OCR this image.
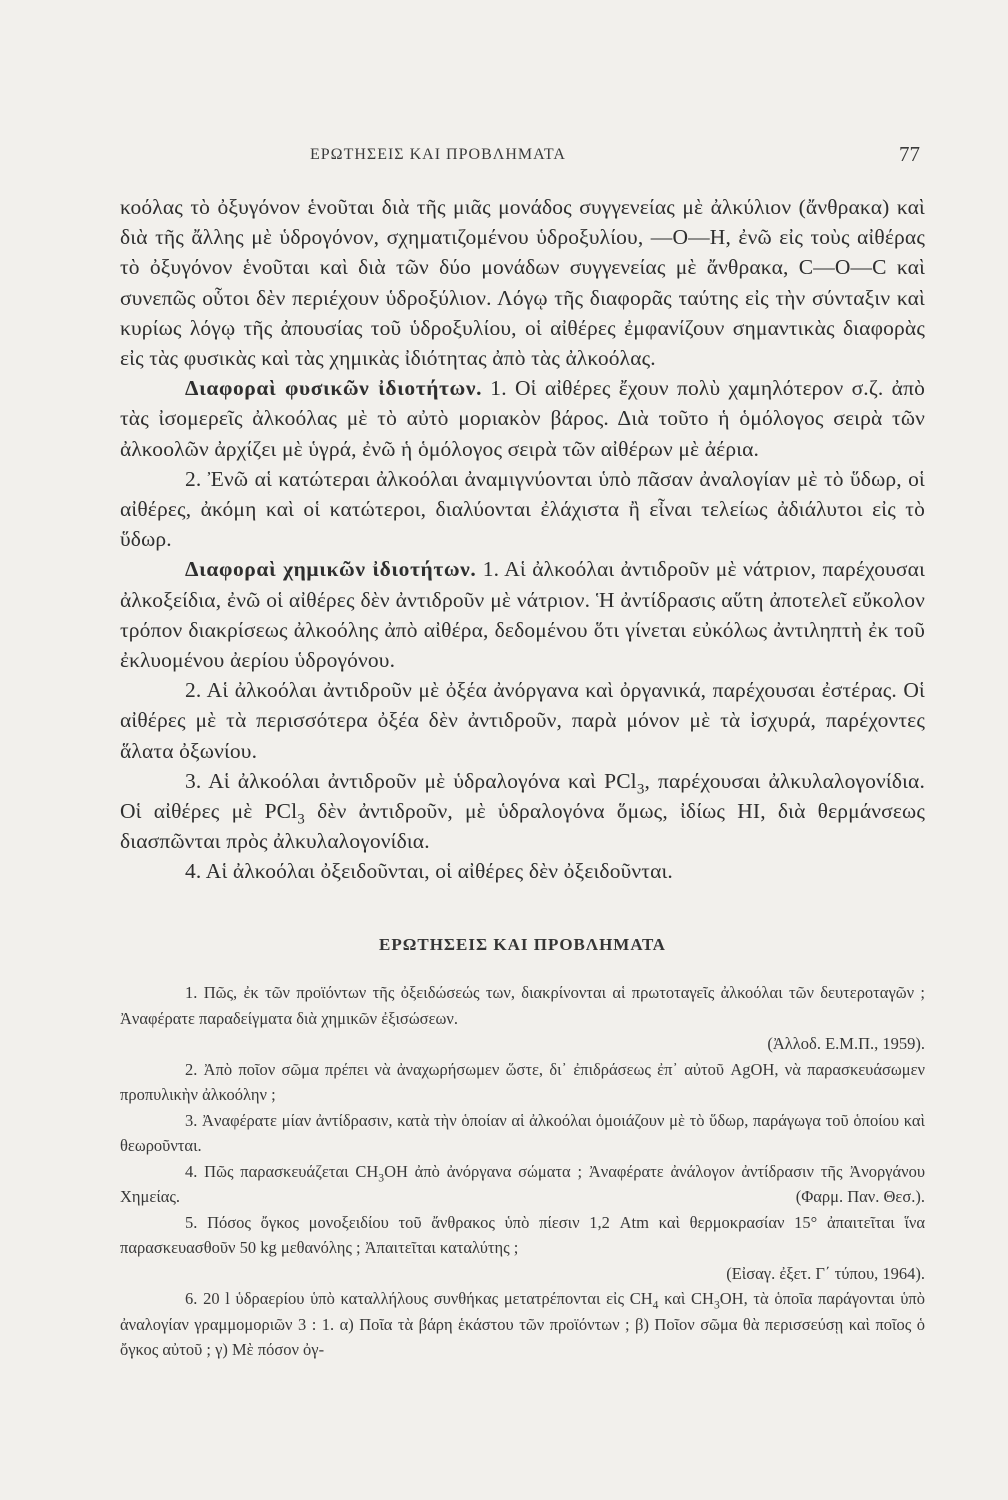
ΕΡΩΤΗΣΕΙΣ ΚΑΙ ΠΡΟΒΛΗΜΑΤΑ	77

κοόλας τὸ ὀξυγόνον ἑνοῦται διὰ τῆς μιᾶς μονάδος συγγενείας μὲ ἀλκύλιον (ἄνθρακα) καὶ διὰ τῆς ἄλλης μὲ ὑδρογόνον, σχηματιζομένου ὑδροξυλίου, —Ο—Η, ἐνῶ εἰς τοὺς αἰθέρας τὸ ὀξυγόνον ἑνοῦται καὶ διὰ τῶν δύο μονάδων συγγενείας μὲ ἄνθρακα, C—O—C καὶ συνεπῶς οὗτοι δὲν περιέχουν ὑδροξύλιον. Λόγῳ τῆς διαφορᾶς ταύτης εἰς τὴν σύνταξιν καὶ κυρίως λόγῳ τῆς ἀπουσίας τοῦ ὑδροξυλίου, οἱ αἰθέρες ἐμφανίζουν σημαντικὰς διαφορὰς εἰς τὰς φυσικὰς καὶ τὰς χημικὰς ἰδιότητας ἀπὸ τὰς ἀλκοόλας.

Διαφοραὶ φυσικῶν ἰδιοτήτων. 1. Οἱ αἰθέρες ἔχουν πολὺ χαμηλότερον σ.ζ. ἀπὸ τὰς ἰσομερεῖς ἀλκοόλας μὲ τὸ αὐτὸ μοριακὸν βάρος. Διὰ τοῦτο ἡ ὁμόλογος σειρὰ τῶν ἀλκοολῶν ἀρχίζει μὲ ὑγρά, ἐνῶ ἡ ὁμόλογος σειρὰ τῶν αἰθέρων μὲ ἀέρια.

2. Ἐνῶ αἱ κατώτεραι ἀλκοόλαι ἀναμιγνύονται ὑπὸ πᾶσαν ἀναλογίαν μὲ τὸ ὕδωρ, οἱ αἰθέρες, ἀκόμη καὶ οἱ κατώτεροι, διαλύονται ἐλάχιστα ἢ εἶναι τελείως ἀδιάλυτοι εἰς τὸ ὕδωρ.

Διαφοραὶ χημικῶν ἰδιοτήτων. 1. Αἱ ἀλκοόλαι ἀντιδροῦν μὲ νάτριον, παρέχουσαι ἀλκοξείδια, ἐνῶ οἱ αἰθέρες δὲν ἀντιδροῦν μὲ νάτριον. Ἡ ἀντίδρασις αὕτη ἀποτελεῖ εὔκολον τρόπον διακρίσεως ἀλκοόλης ἀπὸ αἰθέρα, δεδομένου ὅτι γίνεται εὐκόλως ἀντιληπτὴ ἐκ τοῦ ἐκλυομένου ἀερίου ὑδρογόνου.

2. Αἱ ἀλκοόλαι ἀντιδροῦν μὲ ὀξέα ἀνόργανα καὶ ὀργανικά, παρέχουσαι ἐστέρας. Οἱ αἰθέρες μὲ τὰ περισσότερα ὀξέα δὲν ἀντιδροῦν, παρὰ μόνον μὲ τὰ ἰσχυρά, παρέχοντες ἅλατα ὀξωνίου.

3. Αἱ ἀλκοόλαι ἀντιδροῦν μὲ ὑδραλογόνα καὶ PCl$_3$, παρέχουσαι ἀλκυλαλογονίδια. Οἱ αἰθέρες μὲ PCl$_3$ δὲν ἀντιδροῦν, μὲ ὑδραλογόνα ὅμως, ἰδίως HI, διὰ θερμάνσεως διασπῶνται πρὸς ἀλκυλαλογονίδια.

4. Αἱ ἀλκοόλαι ὀξειδοῦνται, οἱ αἰθέρες δὲν ὀξειδοῦνται.

ΕΡΩΤΗΣΕΙΣ ΚΑΙ ΠΡΟΒΛΗΜΑΤΑ

1. Πῶς, ἐκ τῶν προϊόντων τῆς ὀξειδώσεώς των, διακρίνονται αἱ πρωτοταγεῖς ἀλκοόλαι τῶν δευτεροταγῶν ; Ἀναφέρατε παραδείγματα διὰ χημικῶν ἐξισώσεων.

(Ἀλλοδ. Ε.Μ.Π., 1959).

2. Ἀπὸ ποῖον σῶμα πρέπει νὰ ἀναχωρήσωμεν ὥστε, δι᾽ ἐπιδράσεως ἐπ᾽ αὐτοῦ AgOH, νὰ παρασκευάσωμεν προπυλικὴν ἀλκοόλην ;

3. Ἀναφέρατε μίαν ἀντίδρασιν, κατὰ τὴν ὁποίαν αἱ ἀλκοόλαι ὁμοιάζουν μὲ τὸ ὕδωρ, παράγωγα τοῦ ὁποίου καὶ θεωροῦνται.

4. Πῶς παρασκευάζεται $CH_3OH$ ἀπὸ ἀνόργανα σώματα ; Ἀναφέρατε ἀνάλογον ἀντίδρασιν τῆς Ἀνοργάνου Χημείας.	(Φαρμ. Παν. Θεσ.).

5. Πόσος ὄγκος μονοξειδίου τοῦ ἄνθρακος ὑπὸ πίεσιν 1,2 Atm καὶ θερμοκρασίαν 15° ἀπαιτεῖται ἵνα παρασκευασθοῦν 50 kg μεθανόλης ; Ἀπαιτεῖται καταλύτης ;

(Εἰσαγ. ἐξετ. Γ΄ τύπου, 1964).

6. 20 l ὑδραερίου ὑπὸ καταλλήλους συνθήκας μετατρέπονται εἰς $CH_4$ καὶ $CH_3OH$, τὰ ὁποῖα παράγονται ὑπὸ ἀναλογίαν γραμμομοριῶν 3 : 1. α) Ποῖα τὰ βάρη ἑκάστου τῶν προϊόντων ; β) Ποῖον σῶμα θὰ περισσεύσῃ καὶ ποῖος ὁ ὄγκος αὐτοῦ ; γ) Μὲ πόσον ὀγ-
